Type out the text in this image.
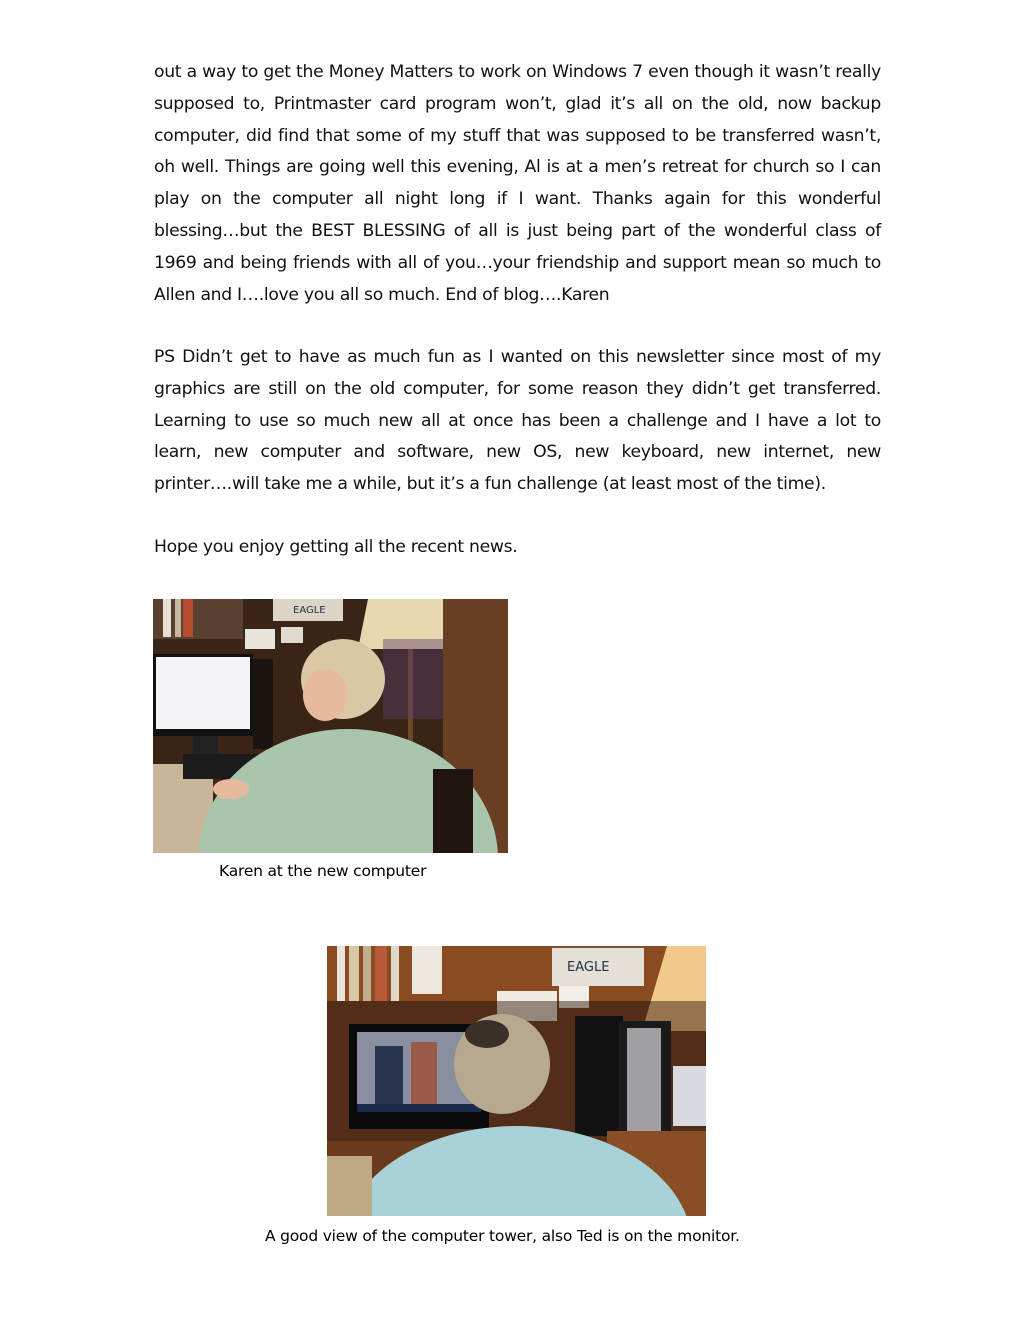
out a way to get the Money Matters to work on Windows 7 even though it wasn’t really supposed to, Printmaster card program won’t, glad it’s all on the old, now backup computer, did find that some of my stuff that was supposed to be transferred wasn’t, oh well. Things are going well this evening, Al is at a men’s retreat for church so I can play on the computer all night long if I want. Thanks again for this wonderful blessing…but the BEST BLESSING of all is just being part of the wonderful class of 1969 and being friends with all of you…your friendship and support mean so much to Allen and I….love you all so much. End of blog….Karen

PS Didn’t get to have as much fun as I wanted on this newsletter since most of my graphics are still on the old computer, for some reason they didn’t get transferred. Learning to use so much new all at once has been a challenge and I have a lot to learn, new computer and software, new OS, new keyboard, new internet, new printer….will take me a while, but it’s a fun challenge (at least most of the time).

Hope you enjoy getting all the recent news.

EAGLE

Karen at the new computer

EAGLE

A good view of the computer tower, also Ted is on the monitor.
